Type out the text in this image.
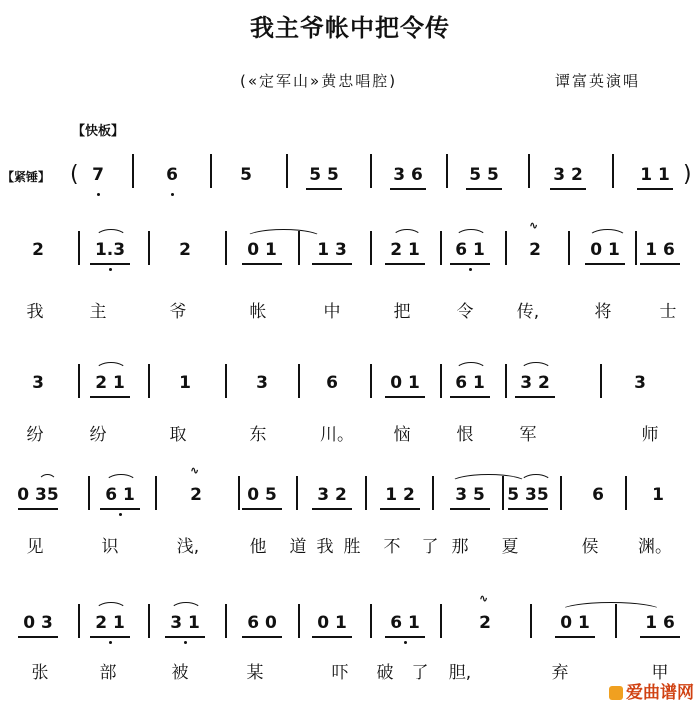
我主爷帐中把令传
(«定军山»黄忠唱腔)	谭富英演唱
【快板】
【紧锤】 (	)
7	6	5	5 5	3 6	5 5	3 2	1 1
2	1.3	2	0 1	1 3	2 1	6 1	2	0 1	1 6
∿
我	主	爷	帐	中	把	令	传,	将	士
3	2 1	1	3	6	0 1	6 1	3 2	3
纷	纷	取	东	川。 恼	恨	军	师
0 35	6 1	2	0 5	3 2	1 2	3 5	5 35	6	1
∿
见	识	浅,	他 道 我 胜 不 了 那 夏	侯 渊。
0 3	2 1	3 1	6 0	0 1	6 1	2	0 1	1 6
∿
张	部	被	某	吓 破 了 胆,	弃	甲
爱曲谱网
